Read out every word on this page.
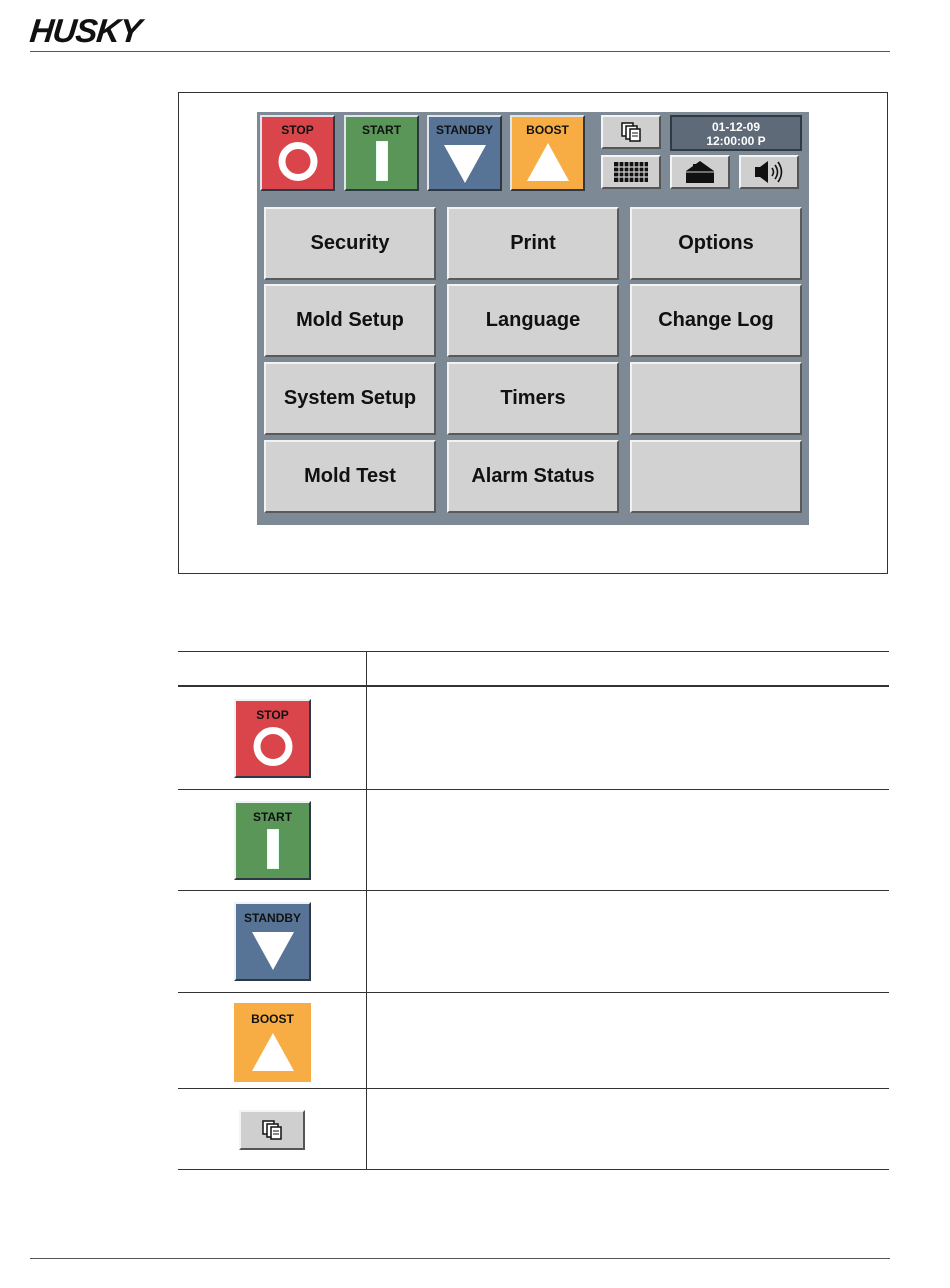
HUSKY
STOP	START	STANDBY	BOOST	01-12-09
12:00:00 P
Security	Print	Options
Mold Setup	Language	Change Log
System Setup	Timers
Mold Test	Alarm Status
STOP
START
STANDBY
BOOST
